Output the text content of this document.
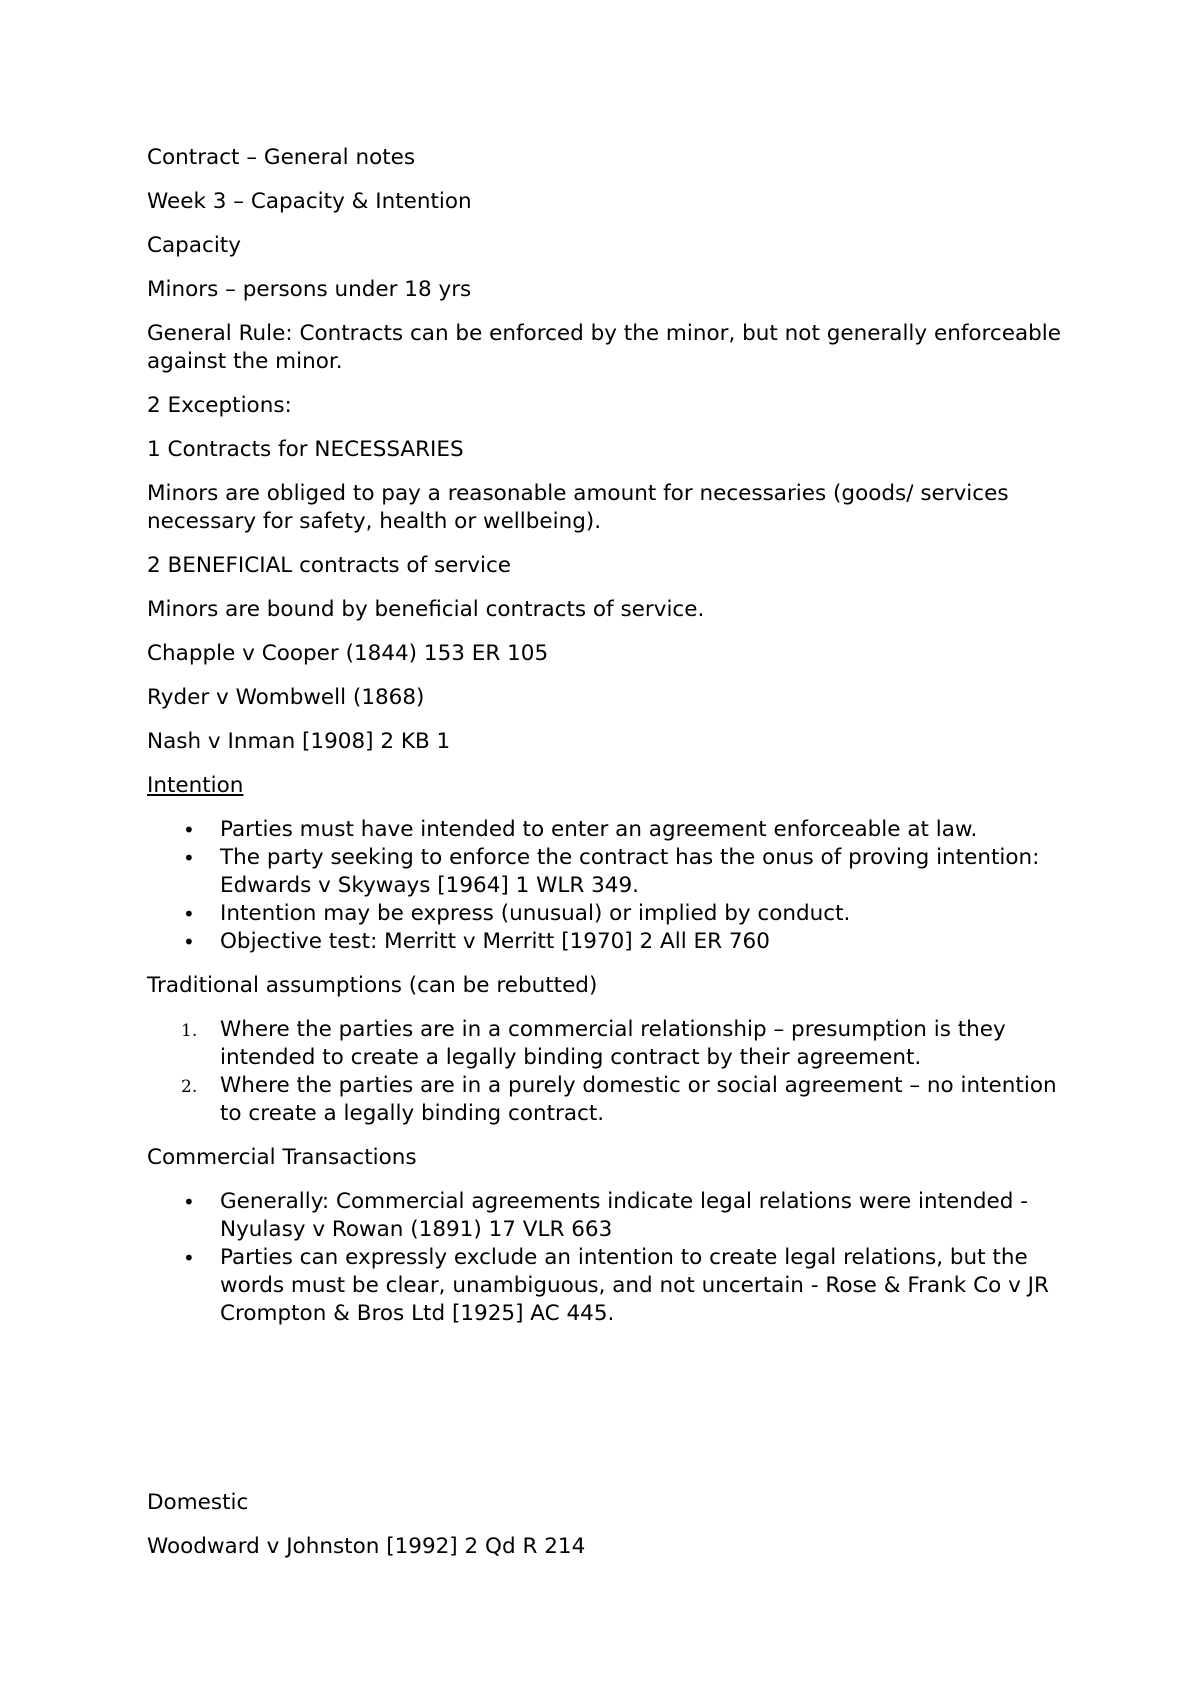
Contract – General notes

Week 3 – Capacity & Intention

Capacity

Minors – persons under 18 yrs

General Rule: Contracts can be enforced by the minor, but not generally enforceable against the minor.

2 Exceptions:

1 Contracts for NECESSARIES

Minors are obliged to pay a reasonable amount for necessaries (goods/ services necessary for safety, health or wellbeing).

2 BENEFICIAL contracts of service

Minors are bound by beneficial contracts of service.

Chapple v Cooper (1844) 153 ER 105

Ryder v Wombwell (1868)

Nash v Inman [1908] 2 KB 1

Intention

• Parties must have intended to enter an agreement enforceable at law.
• The party seeking to enforce the contract has the onus of proving intention: Edwards v Skyways [1964] 1 WLR 349.
• Intention may be express (unusual) or implied by conduct.
• Objective test: Merritt v Merritt [1970] 2 All ER 760

Traditional assumptions (can be rebutted)

1. Where the parties are in a commercial relationship – presumption is they intended to create a legally binding contract by their agreement.
2. Where the parties are in a purely domestic or social agreement – no intention to create a legally binding contract.

Commercial Transactions

• Generally: Commercial agreements indicate legal relations were intended - Nyulasy v Rowan (1891) 17 VLR 663
• Parties can expressly exclude an intention to create legal relations, but the words must be clear, unambiguous, and not uncertain - Rose & Frank Co v JR Crompton & Bros Ltd [1925] AC 445.

Domestic

Woodward v Johnston [1992] 2 Qd R 214
